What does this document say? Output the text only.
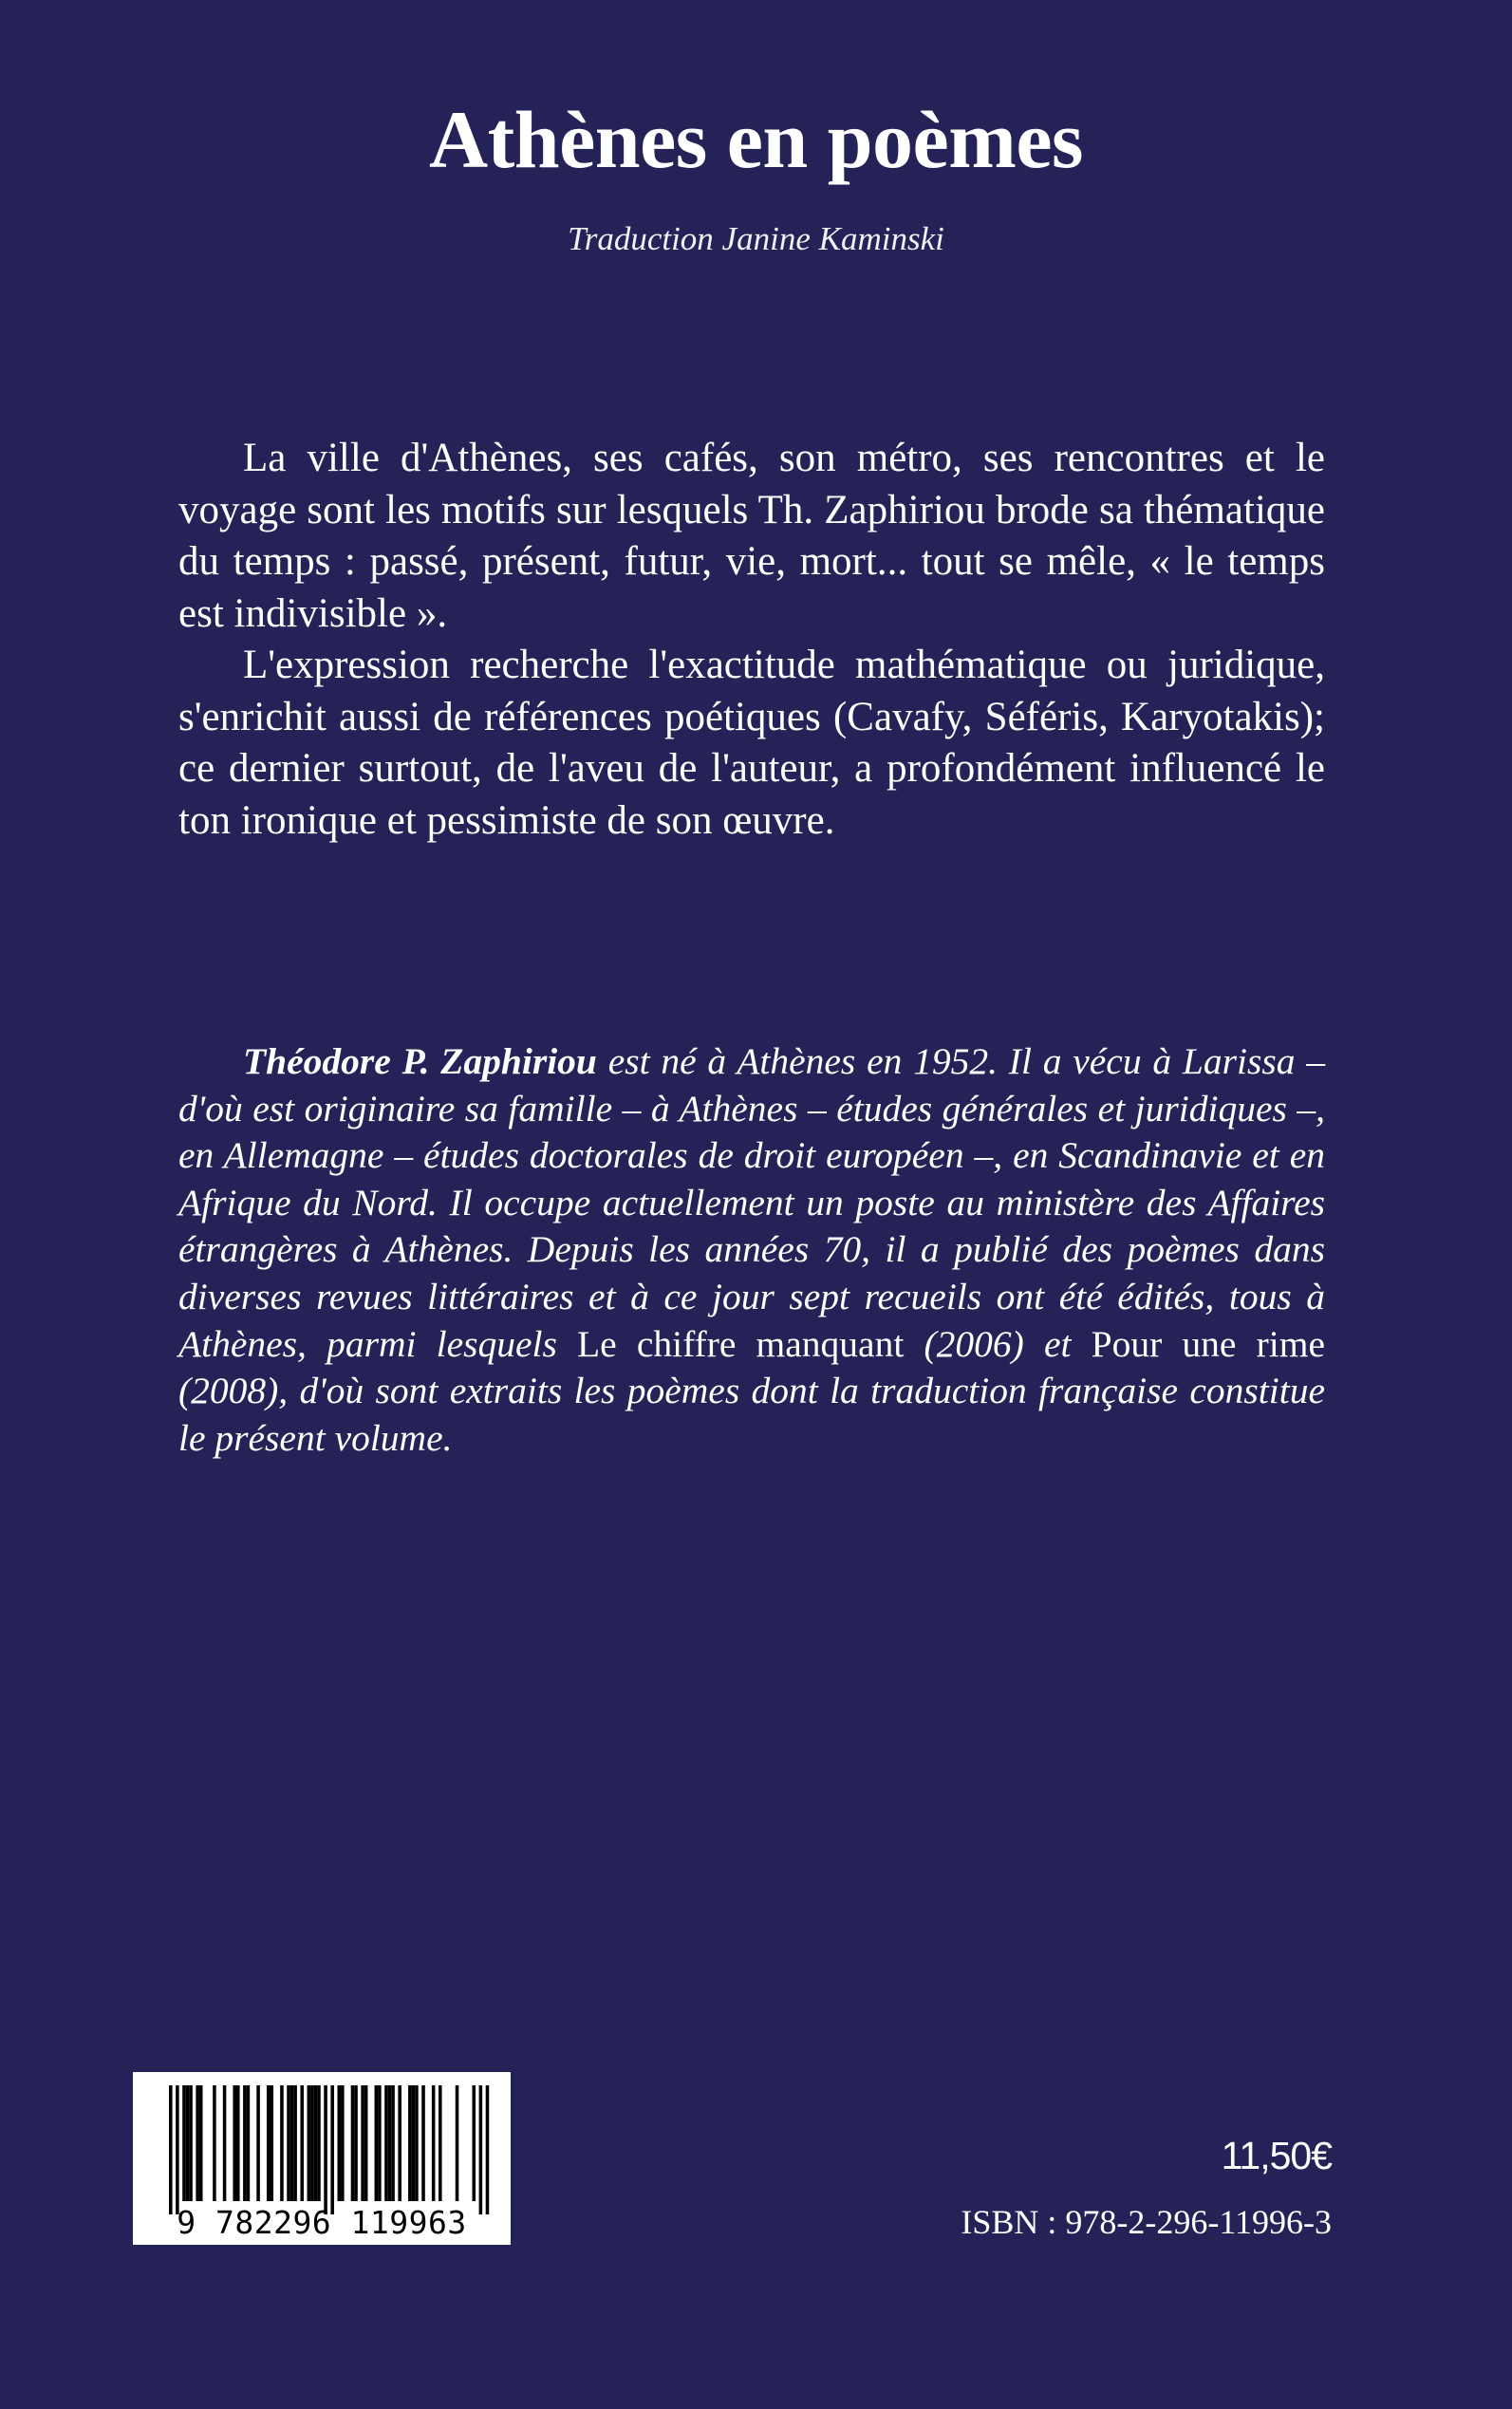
Athènes en poèmes

Traduction Janine Kaminski

La ville d'Athènes, ses cafés, son métro, ses rencontres et le voyage sont les motifs sur lesquels Th. Zaphiriou brode sa thématique du temps : passé, présent, futur, vie, mort... tout se mêle, « le temps est indivisible ».

L'expression recherche l'exactitude mathématique ou juridique, s'enrichit aussi de références poétiques (Cavafy, Séféris, Karyotakis); ce dernier surtout, de l'aveu de l'auteur, a profondément influencé le ton ironique et pessimiste de son œuvre.

Théodore P. Zaphiriou est né à Athènes en 1952. Il a vécu à Larissa – d'où est originaire sa famille – à Athènes – études générales et juridiques –, en Allemagne – études doctorales de droit européen –, en Scandinavie et en Afrique du Nord. Il occupe actuellement un poste au ministère des Affaires étrangères à Athènes. Depuis les années 70, il a publié des poèmes dans diverses revues littéraires et à ce jour sept recueils ont été édités, tous à Athènes, parmi lesquels Le chiffre manquant (2006) et Pour une rime (2008), d'où sont extraits les poèmes dont la traduction française constitue le présent volume.

9 782296 119963

11,50€

ISBN : 978-2-296-11996-3
